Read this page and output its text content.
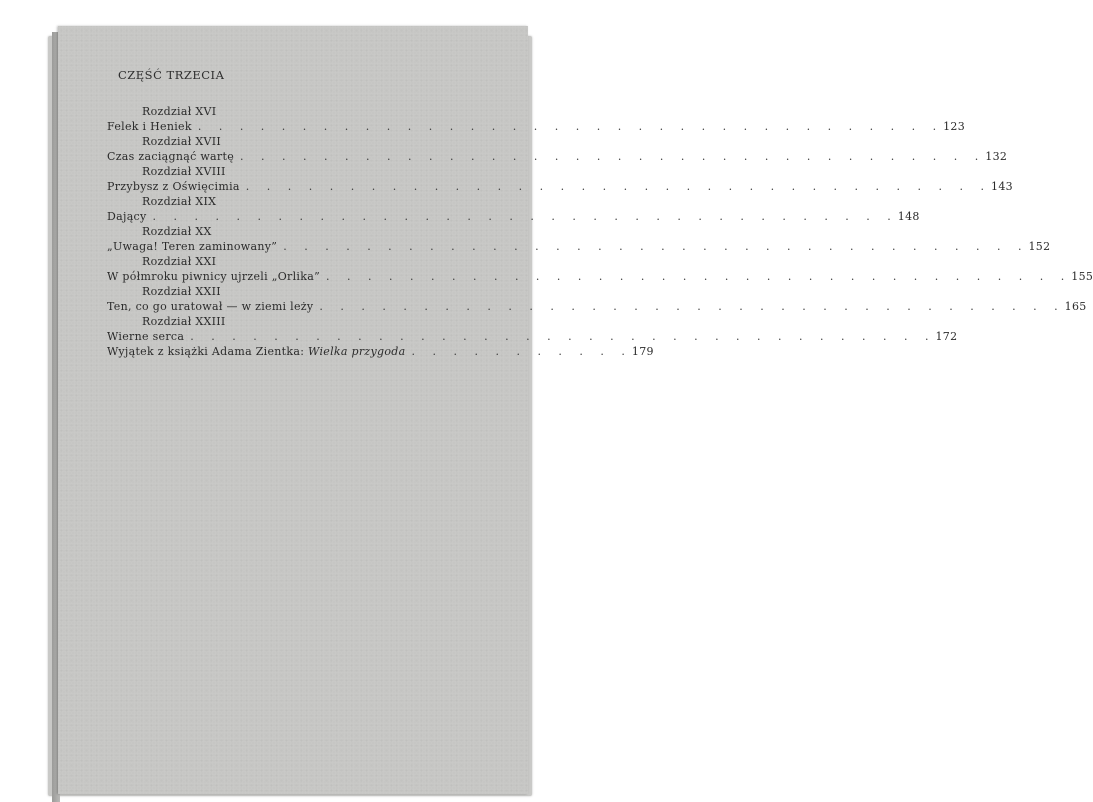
CZĘŚĆ TRZECIA
Rozdział XVI
Felek i Heniek . . . . . . . . . . . . . . . . . . . . . . . . . . . . . . . . . . . . 123
Rozdział XVII
Czas zaciągnąć wartę . . . . . . . . . . . . . . . . . . . . . . . . . . . . . . . . . . . . 132
Rozdział XVIII
Przybysz z Oświęcimia . . . . . . . . . . . . . . . . . . . . . . . . . . . . . . . . . . . . 143
Rozdział XIX
Dający . . . . . . . . . . . . . . . . . . . . . . . . . . . . . . . . . . . . 148
Rozdział XX
„Uwaga! Teren zaminowany” . . . . . . . . . . . . . . . . . . . . . . . . . . . . . . . . . . . . 152
Rozdział XXI
W półmroku piwnicy ujrzeli „Orlika” . . . . . . . . . . . . . . . . . . . . . . . . . . . . . . . . . . . . 155
Rozdział XXII
Ten, co go uratował — w ziemi leży . . . . . . . . . . . . . . . . . . . . . . . . . . . . . . . . . . . . 165
Rozdział XXIII
Wierne serca . . . . . . . . . . . . . . . . . . . . . . . . . . . . . . . . . . . . 172
Wyjątek z książki Adama Zientka: Wielka przygoda . . . . . . . . . . . 179
